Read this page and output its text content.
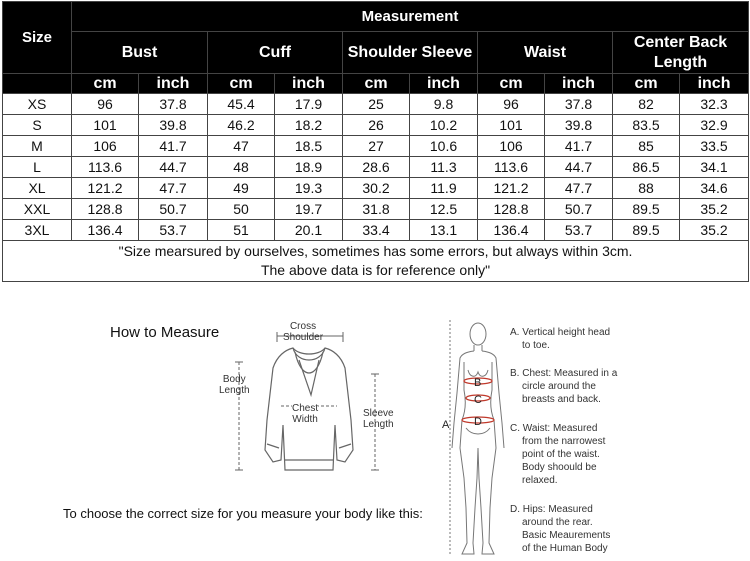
Size	Measurement									
	Bust		Cuff		Shoulder Sleeve		Waist		Center Back Length	
	cm	inch	cm	inch	cm	inch	cm	inch	cm	inch
XS	96	37.8	45.4	17.9	25	9.8	96	37.8	82	32.3
S	101	39.8	46.2	18.2	26	10.2	101	39.8	83.5	32.9
M	106	41.7	47	18.5	27	10.6	106	41.7	85	33.5
L	113.6	44.7	48	18.9	28.6	11.3	113.6	44.7	86.5	34.1
XL	121.2	47.7	49	19.3	30.2	11.9	121.2	47.7	88	34.6
XXL	128.8	50.7	50	19.7	31.8	12.5	128.8	50.7	89.5	35.2
3XL	136.4	53.7	51	20.1	33.4	13.1	136.4	53.7	89.5	35.2

"Size mearsured by ourselves, sometimes has some errors, but always within 3cm.
The above data is for reference only"										
How to Measure	Cross
Shoulder
Body
Length
Chest
Width
Sleeve
Length
To choose the correct size for you measure your body like this:
A
B
C
D
A. Vertical height head
to toe.
B. Chest: Measured in a
circle around the
breasts and back.
C. Waist: Measured
from the narrowest
point of the waist.
Body shoould be
relaxed.
D. Hips: Measured
around the rear.
Basic Meaurements
of the Human Body
